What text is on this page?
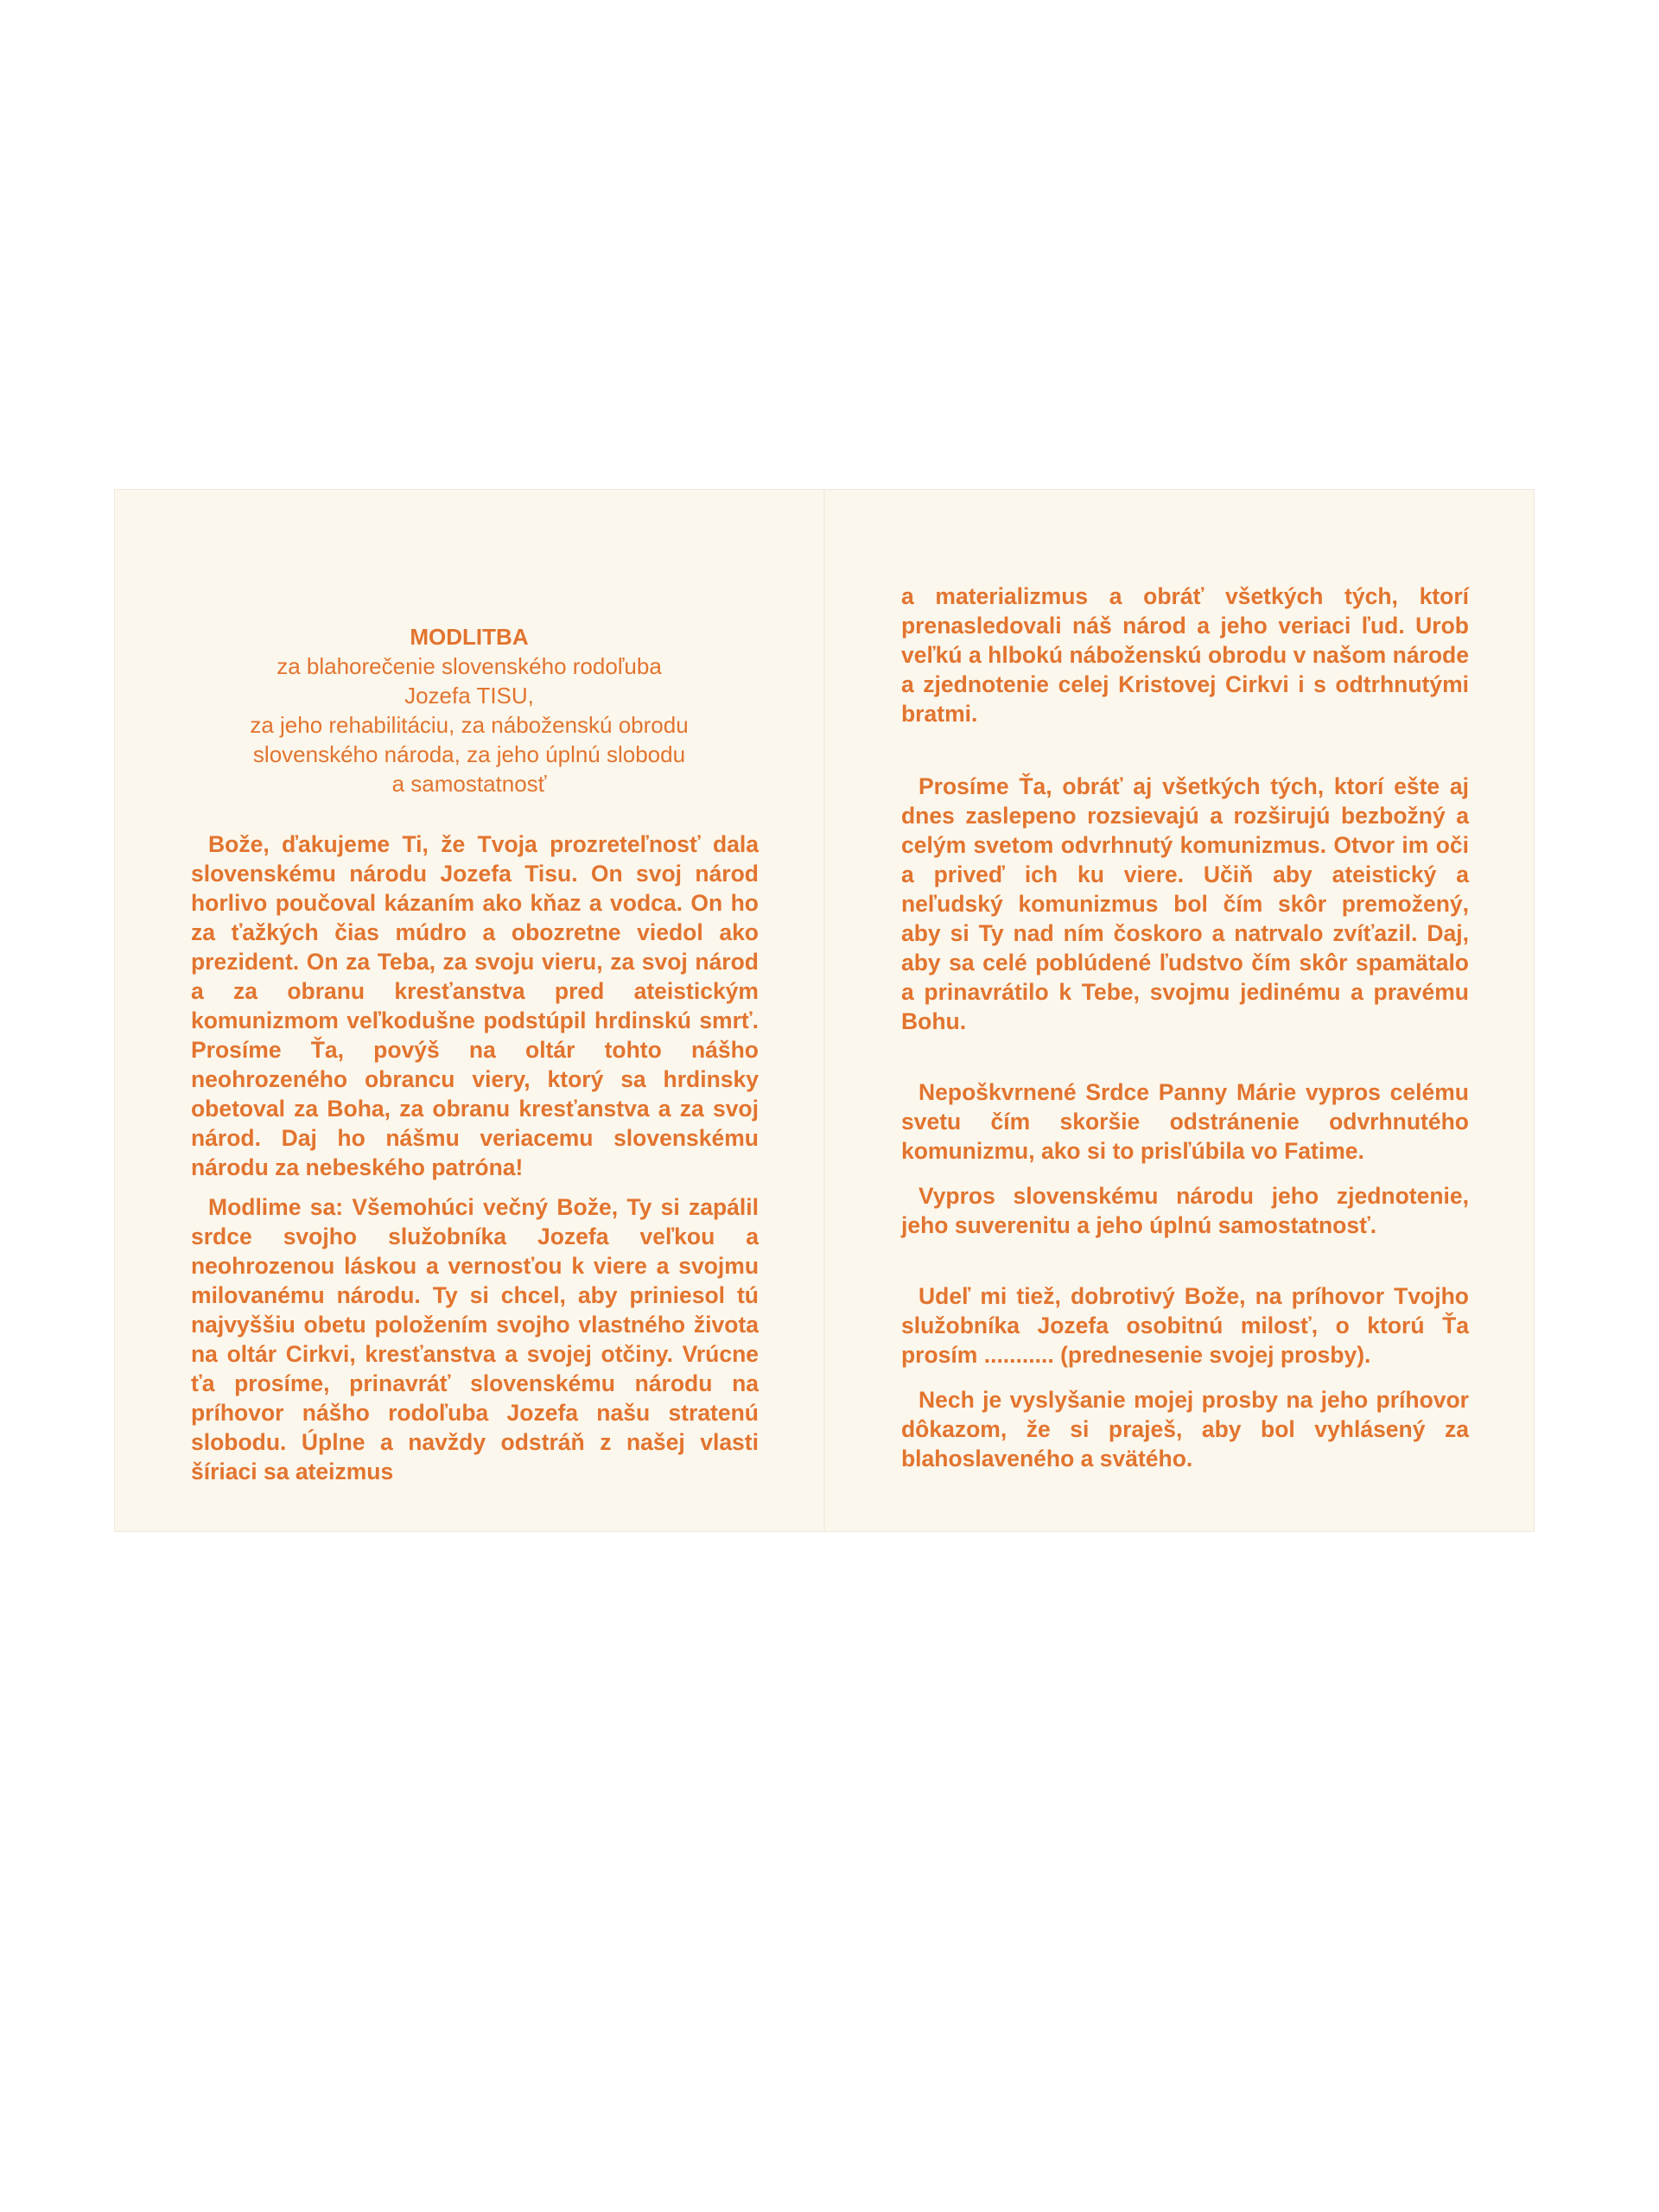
MODLITBA
za blahorečenie slovenského rodoľuba
Jozefa TISU,
za jeho rehabilitáciu, za náboženskú obrodu
slovenského národa, za jeho úplnú slobodu
a samostatnosť

Bože, ďakujeme Ti, že Tvoja prozreteľnosť dala slovenskému národu Jozefa Tisu. On svoj národ horlivo poučoval kázaním ako kňaz a vodca. On ho za ťažkých čias múdro a obozretne viedol ako prezident. On za Teba, za svoju vieru, za svoj národ a za obranu kresťanstva pred ateistickým komunizmom veľkodušne podstúpil hrdinskú smrť. Prosíme Ťa, povýš na oltár tohto nášho neohrozeného obrancu viery, ktorý sa hrdinsky obetoval za Boha, za obranu kresťanstva a za svoj národ. Daj ho nášmu veriacemu slovenskému národu za nebeského patróna!

Modlime sa: Všemohúci večný Bože, Ty si zapálil srdce svojho služobníka Jozefa veľkou a neohrozenou láskou a vernosťou k viere a svojmu milovanému národu. Ty si chcel, aby priniesol tú najvyššiu obetu položením svojho vlastného života na oltár Cirkvi, kresťanstva a svojej otčiny. Vrúcne ťa prosíme, prinavráť slovenskému národu na príhovor nášho rodoľuba Jozefa našu stratenú slobodu. Úplne a navždy odstráň z našej vlasti šíriaci sa ateizmus

a materializmus a obráť všetkých tých, ktorí prenasledovali náš národ a jeho veriaci ľud. Urob veľkú a hlbokú náboženskú obrodu v našom národe a zjednotenie celej Kristovej Cirkvi i s odtrhnutými bratmi.

Prosíme Ťa, obráť aj všetkých tých, ktorí ešte aj dnes zaslepeno rozsievajú a rozširujú bezbožný a celým svetom odvrhnutý komunizmus. Otvor im oči a priveď ich ku viere. Učiň aby ateistický a neľudský komunizmus bol čím skôr premožený, aby si Ty nad ním čoskoro a natrvalo zvíťazil. Daj, aby sa celé poblúdené ľudstvo čím skôr spamätalo a prinavrátilo k Tebe, svojmu jedinému a pravému Bohu.

Nepoškvrnené Srdce Panny Márie vypros celému svetu čím skoršie odstránenie odvrhnutého komunizmu, ako si to prisľúbila vo Fatime.

Vypros slovenskému národu jeho zjednotenie, jeho suverenitu a jeho úplnú samostatnosť.

Udeľ mi tiež, dobrotivý Bože, na príhovor Tvojho služobníka Jozefa osobitnú milosť, o ktorú Ťa prosím ........... (prednesenie svojej prosby).

Nech je vyslyšanie mojej prosby na jeho príhovor dôkazom, že si praješ, aby bol vyhlásený za blahoslaveného a svätého.
